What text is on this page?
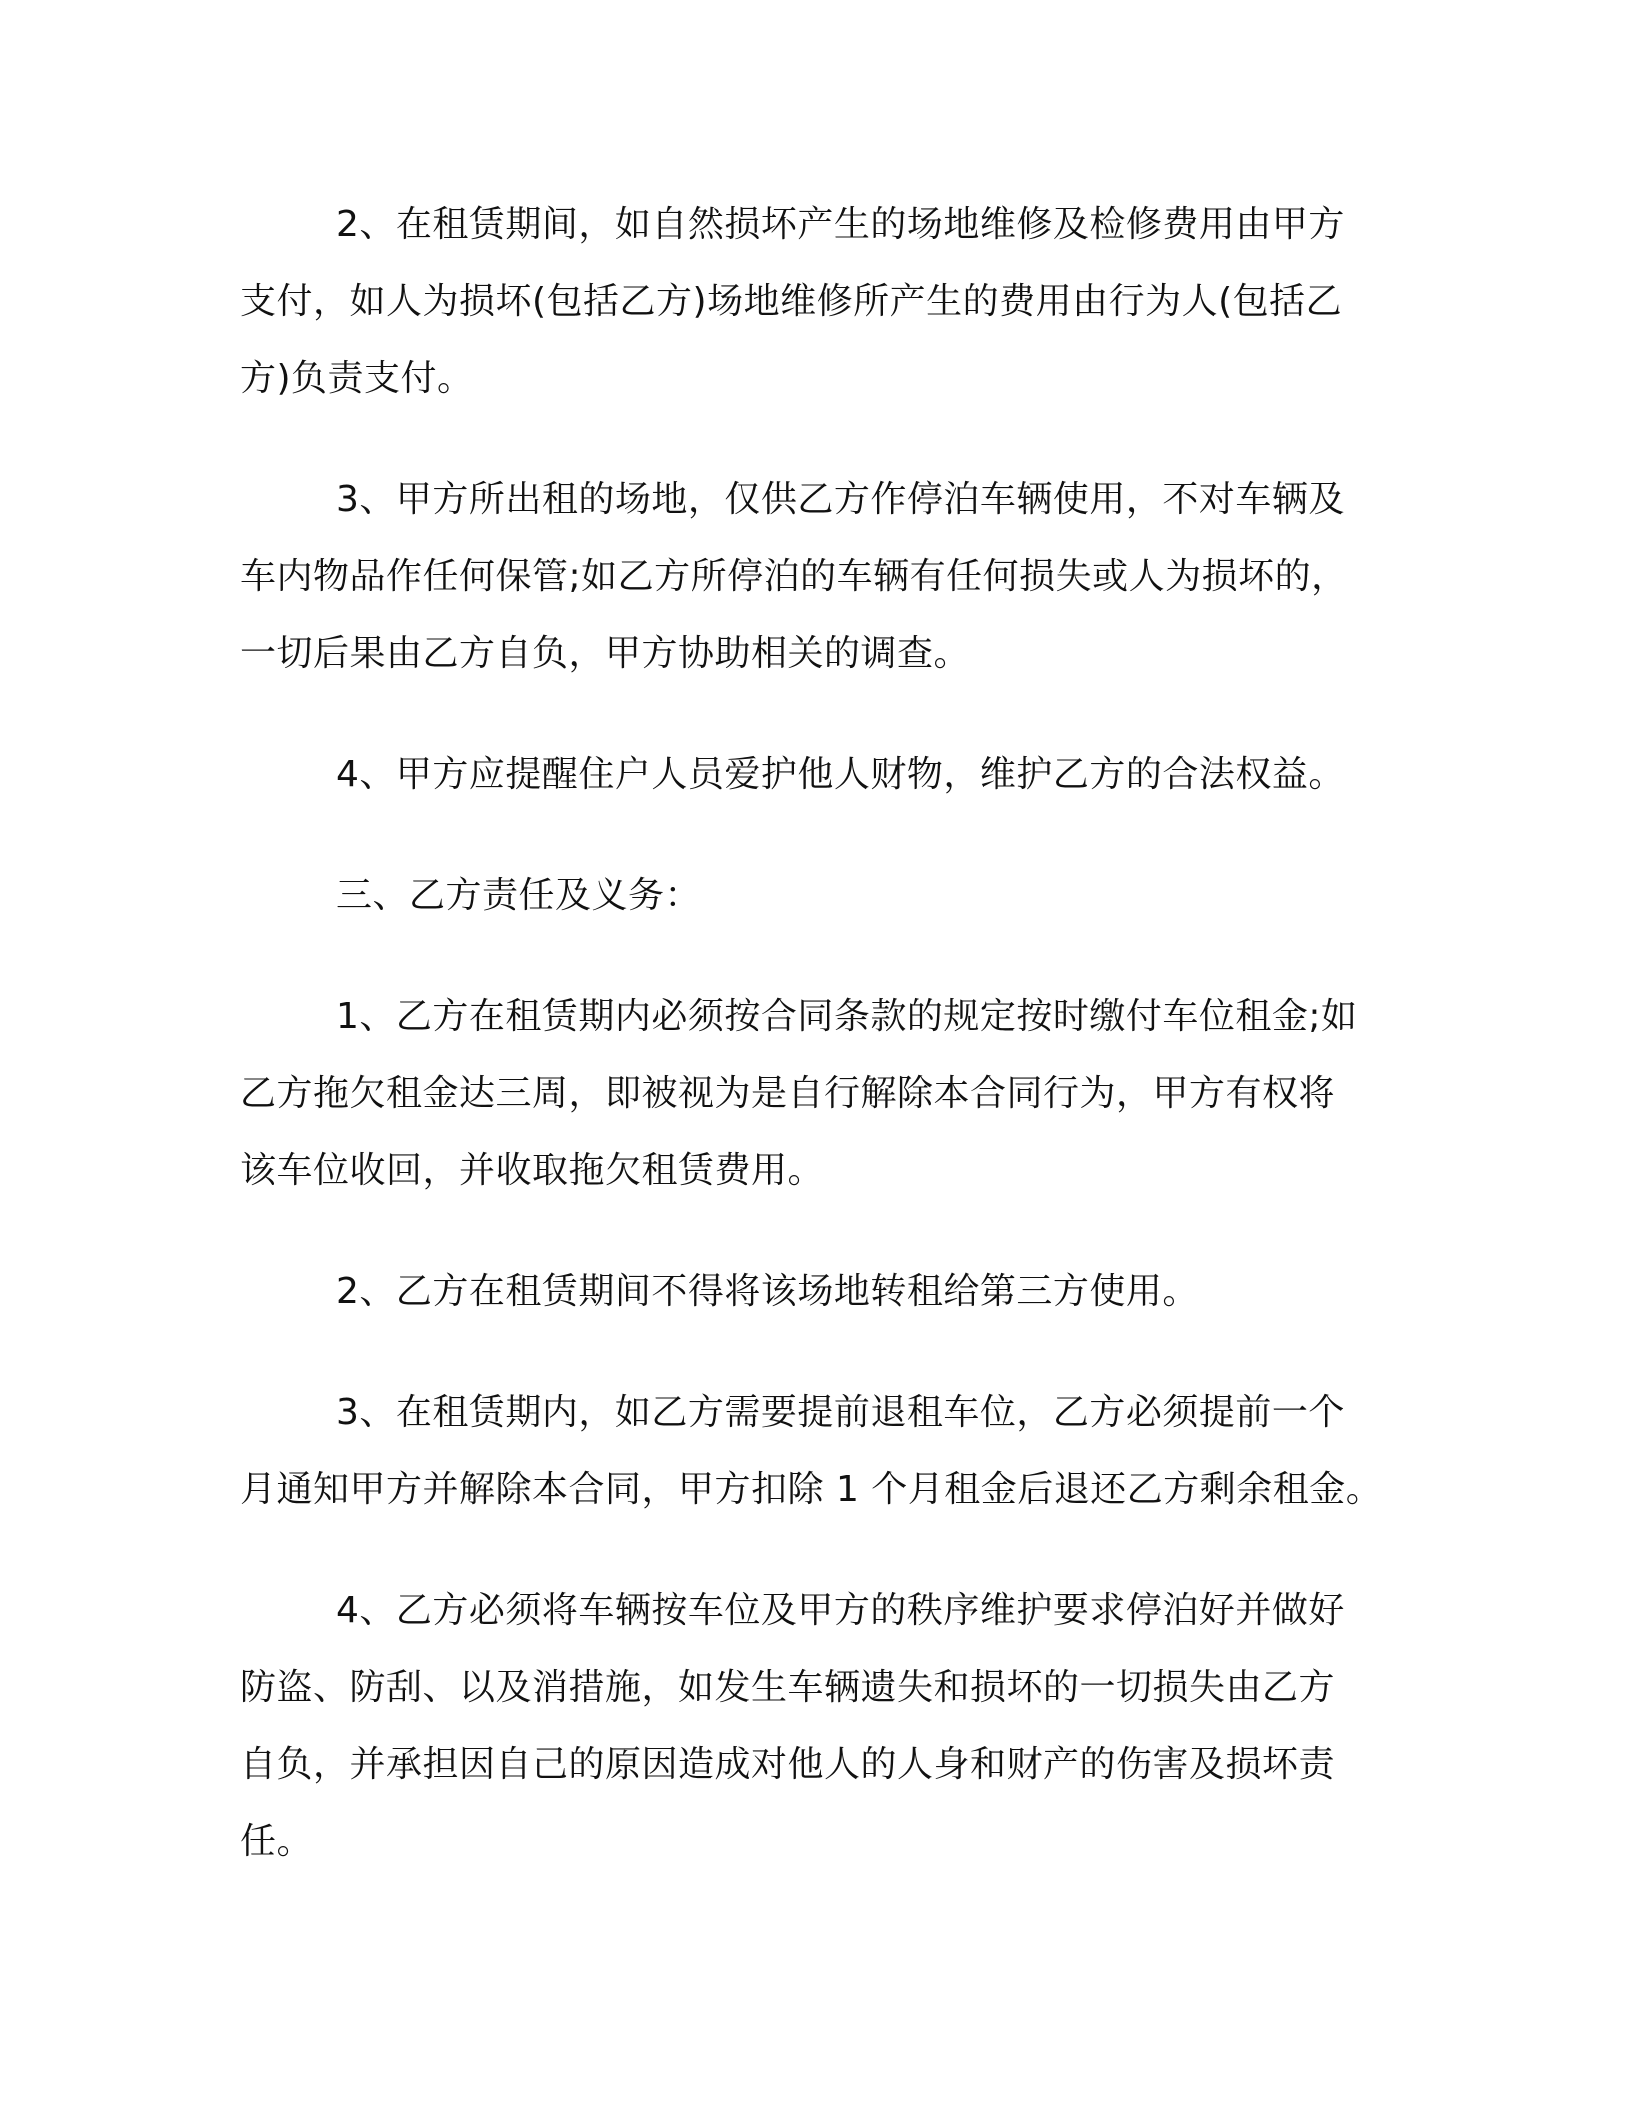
2、在租赁期间，如自然损坏产生的场地维修及检修费用由甲方
支付，如人为损坏(包括乙方)场地维修所产生的费用由行为人(包括乙
方)负责支付。

3、甲方所出租的场地，仅供乙方作停泊车辆使用，不对车辆及
车内物品作任何保管;如乙方所停泊的车辆有任何损失或人为损坏的，
一切后果由乙方自负，甲方协助相关的调查。

4、甲方应提醒住户人员爱护他人财物，维护乙方的合法权益。

三、乙方责任及义务：

1、乙方在租赁期内必须按合同条款的规定按时缴付车位租金;如
乙方拖欠租金达三周，即被视为是自行解除本合同行为，甲方有权将
该车位收回，并收取拖欠租赁费用。

2、乙方在租赁期间不得将该场地转租给第三方使用。

3、在租赁期内，如乙方需要提前退租车位，乙方必须提前一个
月通知甲方并解除本合同，甲方扣除 1 个月租金后退还乙方剩余租金。

4、乙方必须将车辆按车位及甲方的秩序维护要求停泊好并做好
防盗、防刮、以及消措施，如发生车辆遗失和损坏的一切损失由乙方
自负，并承担因自己的原因造成对他人的人身和财产的伤害及损坏责
任。
